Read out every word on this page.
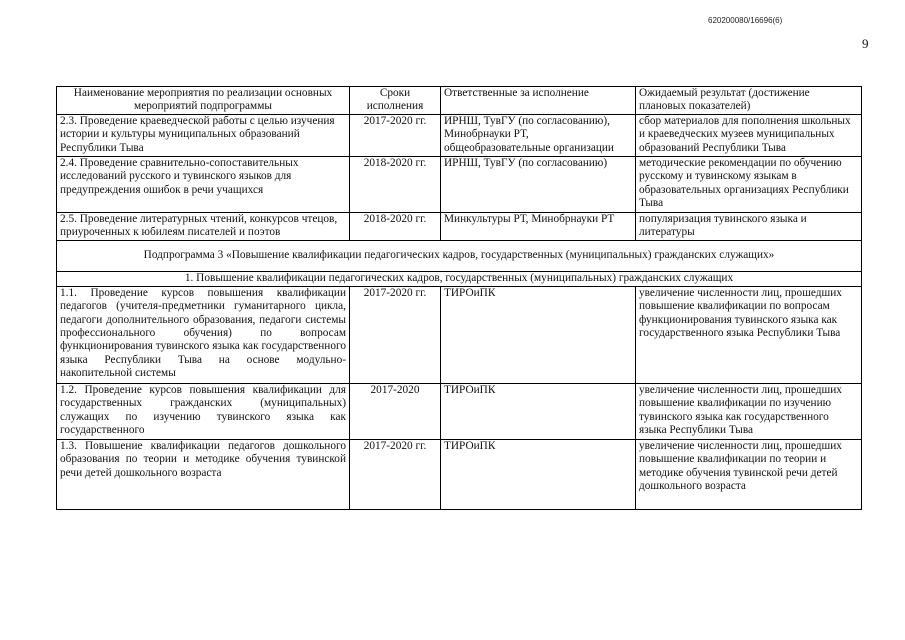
620200080/16696(6)
9
Наименование мероприятия по реализации основных мероприятий подпрограммы	Сроки исполнения	Ответственные за исполнение	Ожидаемый результат (достижение плановых показателей)
2.3. Проведение краеведческой работы с целью изучения истории и культуры муниципальных образований Республики Тыва	2017-2020 гг.	ИРНШ, ТувГУ (по согласованию), Минобрнауки РТ, общеобразовательные организации	сбор материалов для пополнения школьных и краеведческих музеев муниципальных образований Республики Тыва
2.4. Проведение сравнительно-сопоставительных исследований русского и тувинского языков для предупреждения ошибок в речи учащихся	2018-2020 гг.	ИРНШ, ТувГУ (по согласованию)	методические рекомендации по обучению русскому и тувинскому языкам в образовательных организациях Республики Тыва
2.5. Проведение литературных чтений, конкурсов чтецов, приуроченных к юбилеям писателей и поэтов	2018-2020 гг.	Минкультуры РТ, Минобрнауки РТ	популяризация тувинского языка и литературы
Подпрограмма 3 «Повышение квалификации педагогических кадров, государственных (муниципальных) гражданских служащих»			
1. Повышение квалификации педагогических кадров, государственных (муниципальных) гражданских служащих			
1.1. Проведение курсов повышения квалификации педагогов (учителя-предметники гуманитарного цикла, педагоги дополнительного образования, педагоги системы профессионального обучения) по вопросам функционирования тувинского языка как государственного языка Республики Тыва на основе модульно-накопительной системы	2017-2020 гг.	ТИРОиПК	увеличение численности лиц, прошедших повышение квалификации по вопросам функционирования тувинского языка как государственного языка Республики Тыва
1.2. Проведение курсов повышения квалификации для государственных гражданских (муниципальных) служащих по изучению тувинского языка как государственного	2017-2020	ТИРОиПК	увеличение численности лиц, прошедших повышение квалификации по изучению тувинского языка как государственного языка Республики Тыва
1.3. Повышение квалификации педагогов дошкольного образования по теории и методике обучения тувинской речи детей дошкольного возраста	2017-2020 гг.	ТИРОиПК	увеличение численности лиц, прошедших повышение квалификации по теории и методике обучения тувинской речи детей дошкольного возраста
